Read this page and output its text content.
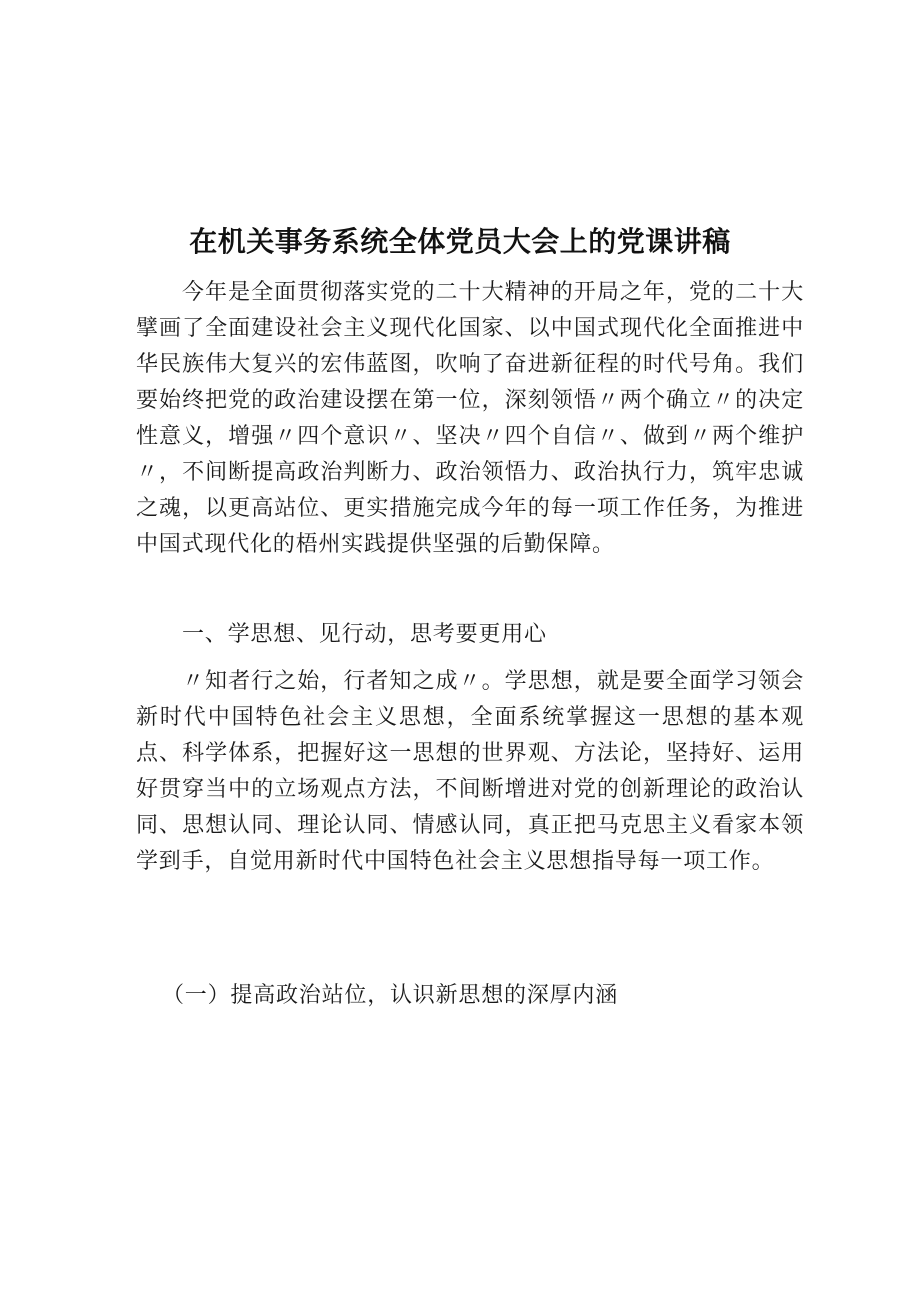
在机关事务系统全体党员大会上的党课讲稿

今年是全面贯彻落实党的二十大精神的开局之年，党的二十大擘画了全面建设社会主义现代化国家、以中国式现代化全面推进中华民族伟大复兴的宏伟蓝图，吹响了奋进新征程的时代号角。我们要始终把党的政治建设摆在第一位，深刻领悟〃两个确立〃的决定性意义，增强〃四个意识〃、坚决〃四个自信〃、做到〃两个维护〃，不间断提高政治判断力、政治领悟力、政治执行力，筑牢忠诚之魂，以更高站位、更实措施完成今年的每一项工作任务，为推进中国式现代化的梧州实践提供坚强的后勤保障。

一、学思想、见行动，思考要更用心

〃知者行之始，行者知之成〃。学思想，就是要全面学习领会新时代中国特色社会主义思想，全面系统掌握这一思想的基本观点、科学体系，把握好这一思想的世界观、方法论，坚持好、运用好贯穿当中的立场观点方法，不间断增进对党的创新理论的政治认同、思想认同、理论认同、情感认同，真正把马克思主义看家本领学到手，自觉用新时代中国特色社会主义思想指导每一项工作。

（一）提高政治站位，认识新思想的深厚内涵
